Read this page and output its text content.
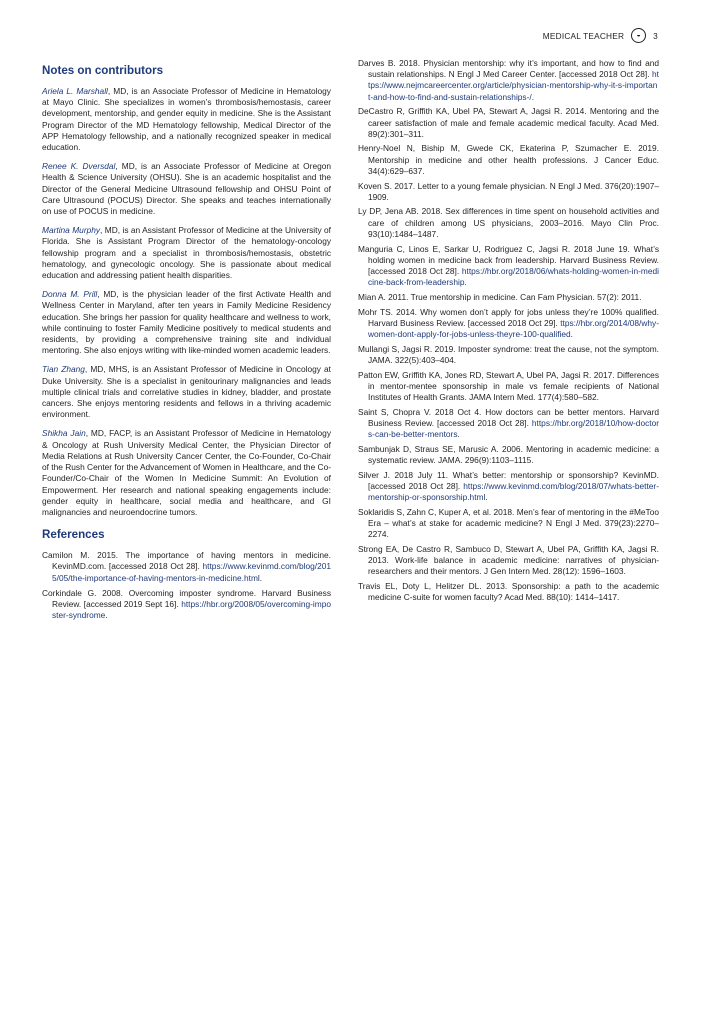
MEDICAL TEACHER	◒	3
Notes on contributors

Ariela L. Marshall, MD, is an Associate Professor of Medicine in Hematology at Mayo Clinic. She specializes in women’s thrombosis/hemostasis, career development, mentorship, and gender equity in medicine. She is the Assistant Program Director of the MD Hematology fellowship, Medical Director of the APP Hematology fellowship, and a nationally recognized speaker in medical education.

Renee K. Dversdal, MD, is an Associate Professor of Medicine at Oregon Health & Science University (OHSU). She is an academic hospitalist and the Director of the General Medicine Ultrasound fellowship and OHSU Point of Care Ultrasound (POCUS) Director. She speaks and teaches internationally on use of POCUS in medicine.

Martina Murphy, MD, is an Assistant Professor of Medicine at the University of Florida. She is Assistant Program Director of the hematology-oncology fellowship program and a specialist in thrombosis/hemostasis, obstetric hematology, and gynecologic oncology. She is passionate about medical education and addressing patient health disparities.

Donna M. Prill, MD, is the physician leader of the first Activate Health and Wellness Center in Maryland, after ten years in Family Medicine Residency education. She brings her passion for quality healthcare and wellness to work, while continuing to foster Family Medicine positively to medical students and residents, by providing a comprehensive training site and individual mentoring. She also enjoys writing with like-minded women academic leaders.

Tian Zhang, MD, MHS, is an Assistant Professor of Medicine in Oncology at Duke University. She is a specialist in genitourinary malignancies and leads multiple clinical trials and correlative studies in kidney, bladder, and prostate cancers. She enjoys mentoring residents and fellows in a thriving academic environment.

Shikha Jain, MD, FACP, is an Assistant Professor of Medicine in Hematology & Oncology at Rush University Medical Center, the Physician Director of Media Relations at Rush University Cancer Center, the Co-Founder, Co-Chair of the Rush Center for the Advancement of Women in Healthcare, and the Co-Founder/Co-Chair of the Women In Medicine Summit: An Evolution of Empowerment. Her research and national speaking engagements include: gender equity in healthcare, social media and healthcare, and GI malignancies and neuroendocrine tumors.

References

Camilon M. 2015. The importance of having mentors in medicine. KevinMD.com. [accessed 2018 Oct 28]. https://www.kevinmd.com/blog/2015/05/the-importance-of-having-mentors-in-medicine.html.

Corkindale G. 2008. Overcoming imposter syndrome. Harvard Business Review. [accessed 2019 Sept 16]. https://hbr.org/2008/05/overcoming-imposter-syndrome.

Darves B. 2018. Physician mentorship: why it’s important, and how to find and sustain relationships. N Engl J Med Career Center. [accessed 2018 Oct 28]. https://www.nejmcareercenter.org/article/physician-mentorship-why-it-s-important-and-how-to-find-and-sustain-relationships-/.

DeCastro R, Griffith KA, Ubel PA, Stewart A, Jagsi R. 2014. Mentoring and the career satisfaction of male and female academic medical faculty. Acad Med. 89(2):301–311.

Henry-Noel N, Biship M, Gwede CK, Ekaterina P, Szumacher E. 2019. Mentorship in medicine and other health professions. J Cancer Educ. 34(4):629–637.

Koven S. 2017. Letter to a young female physician. N Engl J Med. 376(20):1907–1909.

Ly DP, Jena AB. 2018. Sex differences in time spent on household activities and care of children among US physicians, 2003–2016. Mayo Clin Proc. 93(10):1484–1487.

Manguria C, Linos E, Sarkar U, Rodriguez C, Jagsi R. 2018 June 19. What’s holding women in medicine back from leadership. Harvard Business Review. [accessed 2018 Oct 28]. https://hbr.org/2018/06/whats-holding-women-in-medicine-back-from-leadership.

Mian A. 2011. True mentorship in medicine. Can Fam Physician. 57(2): 2011.

Mohr TS. 2014. Why women don’t apply for jobs unless they’re 100% qualified. Harvard Business Review. [accessed 2018 Oct 29]. ttps://hbr.org/2014/08/why-women-dont-apply-for-jobs-unless-theyre-100-qualified.

Mullangi S, Jagsi R. 2019. Imposter syndrome: treat the cause, not the symptom. JAMA. 322(5):403–404.

Patton EW, Griffith KA, Jones RD, Stewart A, Ubel PA, Jagsi R. 2017. Differences in mentor-mentee sponsorship in male vs female recipients of National Institutes of Health Grants. JAMA Intern Med. 177(4):580–582.

Saint S, Chopra V. 2018 Oct 4. How doctors can be better mentors. Harvard Business Review. [accessed 2018 Oct 28]. https://hbr.org/2018/10/how-doctors-can-be-better-mentors.

Sambunjak D, Straus SE, Marusic A. 2006. Mentoring in academic medicine: a systematic review. JAMA. 296(9):1103–1115.

Silver J. 2018 July 11. What’s better: mentorship or sponsorship? KevinMD. [accessed 2018 Oct 28]. https://www.kevinmd.com/blog/2018/07/whats-better-mentorship-or-sponsorship.html.

Soklaridis S, Zahn C, Kuper A, et al. 2018. Men’s fear of mentoring in the #MeToo Era – what’s at stake for academic medicine? N Engl J Med. 379(23):2270–2274.

Strong EA, De Castro R, Sambuco D, Stewart A, Ubel PA, Griffith KA, Jagsi R. 2013. Work-life balance in academic medicine: narratives of physician-researchers and their mentors. J Gen Intern Med. 28(12): 1596–1603.

Travis EL, Doty L, Helitzer DL. 2013. Sponsorship: a path to the academic medicine C-suite for women faculty? Acad Med. 88(10): 1414–1417.
